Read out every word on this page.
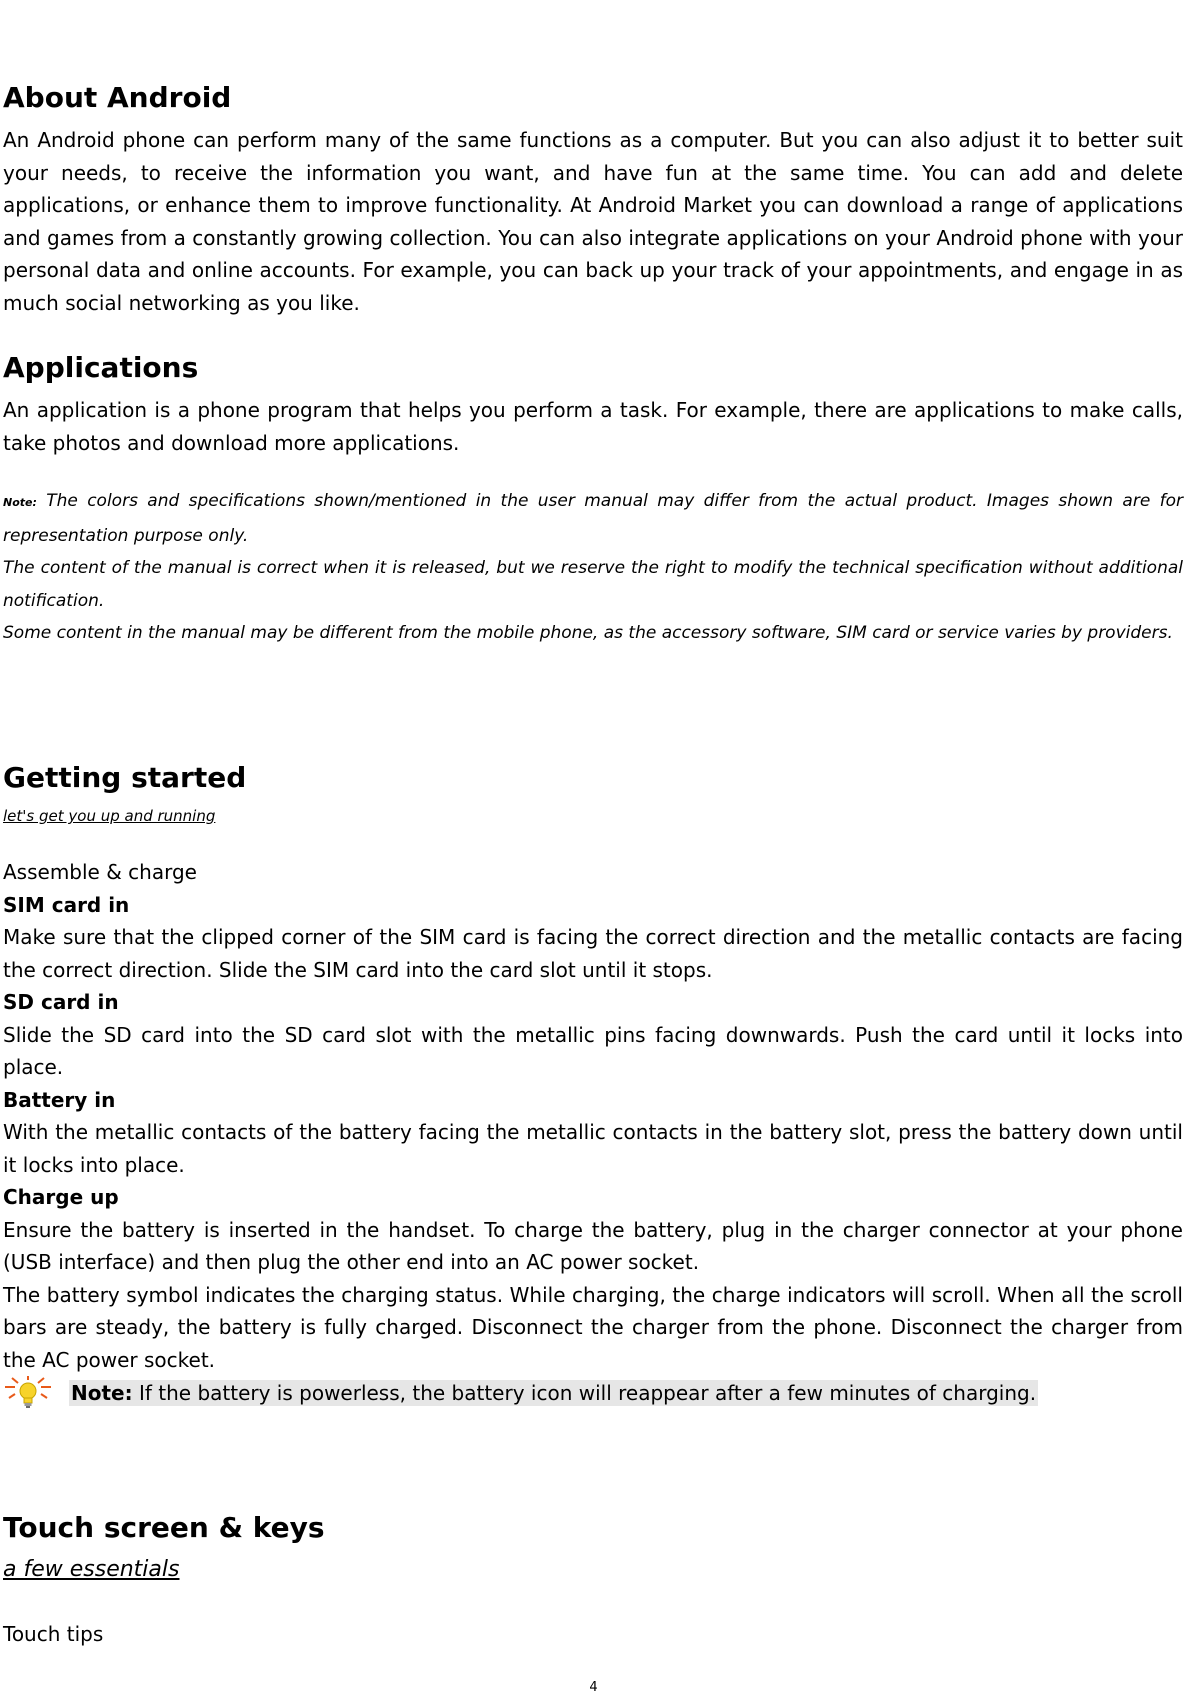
About Android

An Android phone can perform many of the same functions as a computer. But you can also adjust it to better suit your needs, to receive the information you want, and have fun at the same time. You can add and delete applications, or enhance them to improve functionality. At Android Market you can download a range of applications and games from a constantly growing collection. You can also integrate applications on your Android phone with your personal data and online accounts. For example, you can back up your track of your appointments, and engage in as much social networking as you like.

Applications

An application is a phone program that helps you perform a task. For example, there are applications to make calls, take photos and download more applications.

Note: The colors and specifications shown/mentioned in the user manual may differ from the actual product. Images shown are for representation purpose only.

The content of the manual is correct when it is released, but we reserve the right to modify the technical specification without additional notification.

Some content in the manual may be different from the mobile phone, as the accessory software, SIM card or service varies by providers.

Getting started

let's get you up and running

Assemble & charge

SIM card in

Make sure that the clipped corner of the SIM card is facing the correct direction and the metallic contacts are facing the correct direction. Slide the SIM card into the card slot until it stops.

SD card in

Slide the SD card into the SD card slot with the metallic pins facing downwards. Push the card until it locks into place.

Battery in

With the metallic contacts of the battery facing the metallic contacts in the battery slot, press the battery down until it locks into place.

Charge up

Ensure the battery is inserted in the handset. To charge the battery, plug in the charger connector at your phone (USB interface) and then plug the other end into an AC power socket.

The battery symbol indicates the charging status. While charging, the charge indicators will scroll. When all the scroll bars are steady, the battery is fully charged. Disconnect the charger from the phone. Disconnect the charger from the AC power socket.

Note: If the battery is powerless, the battery icon will reappear after a few minutes of charging.
Touch screen & keys

a few essentials

Touch tips

4
